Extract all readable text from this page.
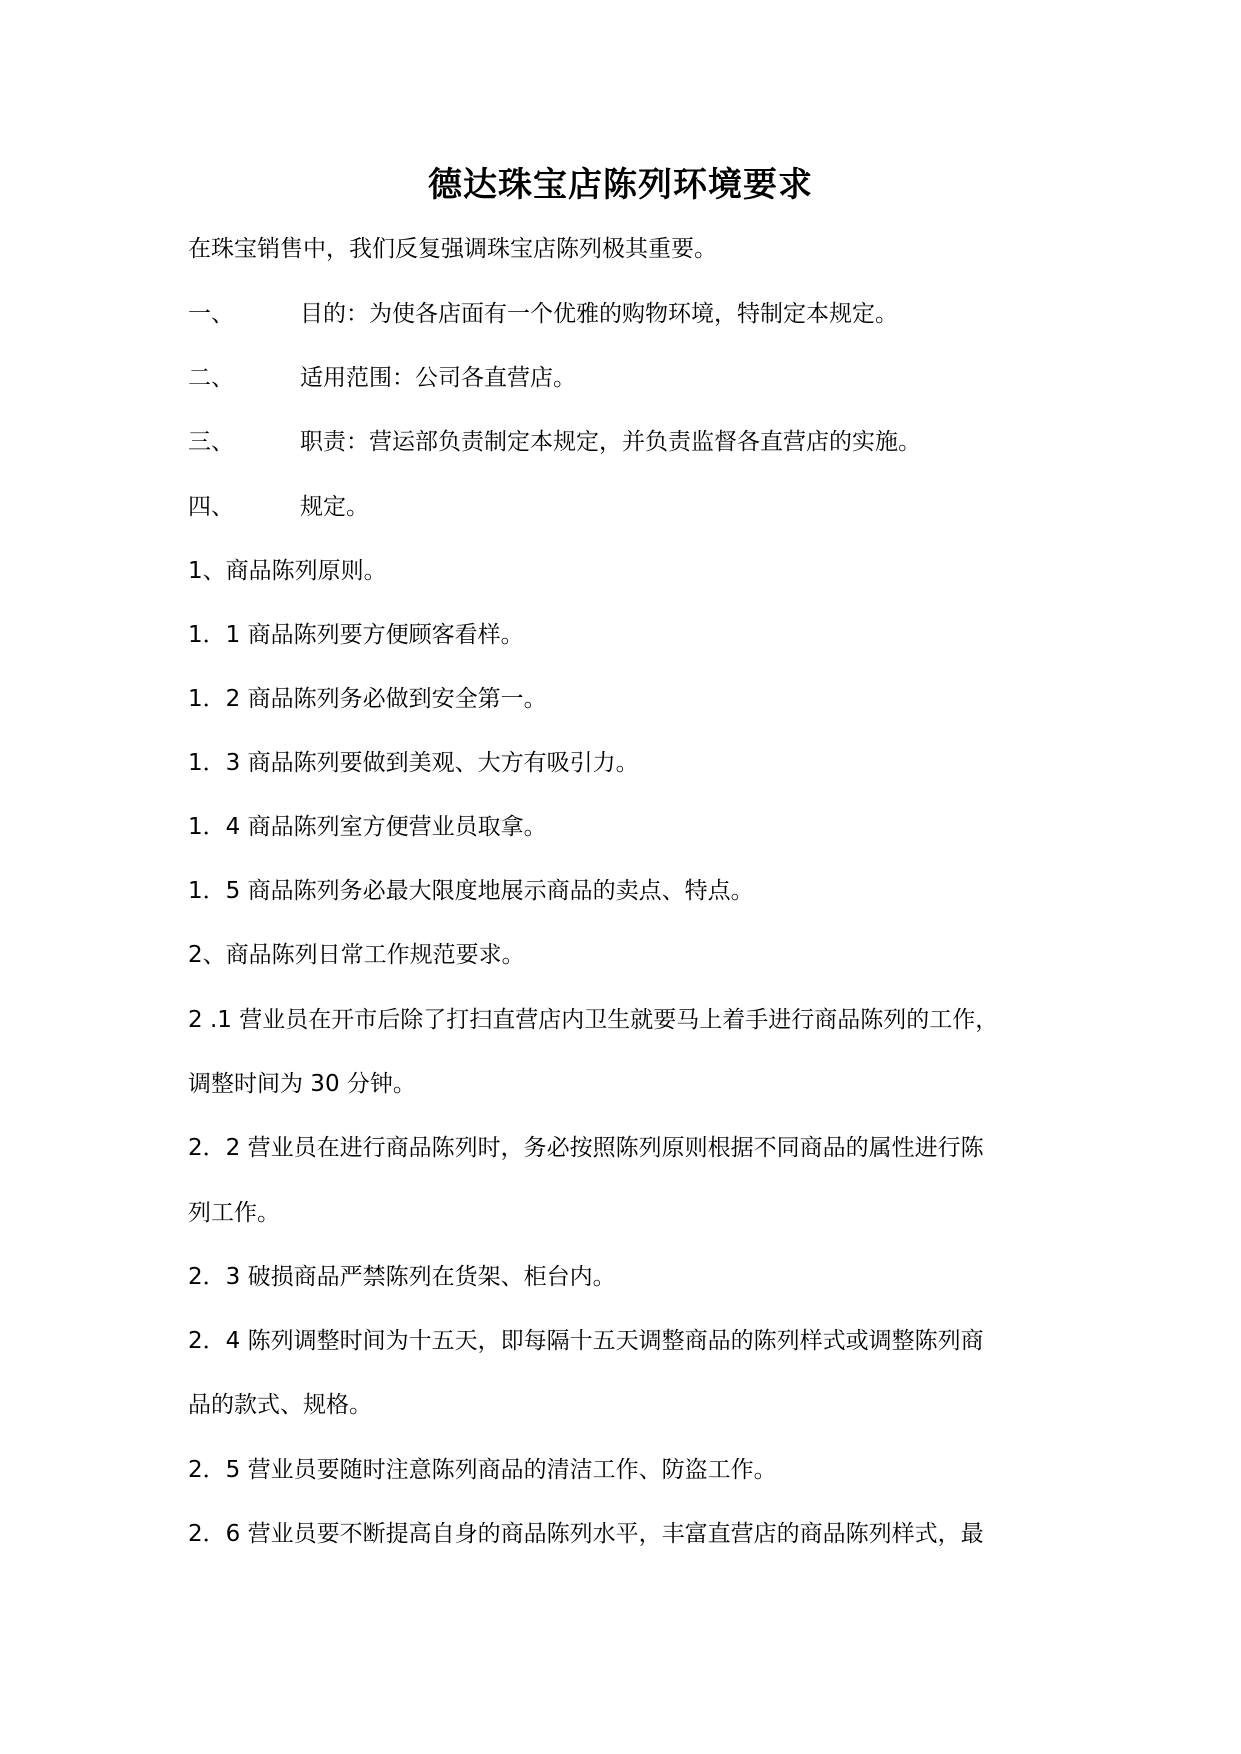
德达珠宝店陈列环境要求
在珠宝销售中，我们反复强调珠宝店陈列极其重要。
一、	目的：为使各店面有一个优雅的购物环境，特制定本规定。
二、	适用范围：公司各直营店。
三、	职责：营运部负责制定本规定，并负责监督各直营店的实施。
四、	规定。
1、商品陈列原则。
1．1 商品陈列要方便顾客看样。
1．2 商品陈列务必做到安全第一。
1．3 商品陈列要做到美观、大方有吸引力。
1．4 商品陈列室方便营业员取拿。
1．5 商品陈列务必最大限度地展示商品的卖点、特点。
2、商品陈列日常工作规范要求。
2 .1 营业员在开市后除了打扫直营店内卫生就要马上着手进行商品陈列的工作，
调整时间为 30 分钟。
2．2 营业员在进行商品陈列时，务必按照陈列原则根据不同商品的属性进行陈
列工作。
2．3 破损商品严禁陈列在货架、柜台内。
2．4 陈列调整时间为十五天，即每隔十五天调整商品的陈列样式或调整陈列商
品的款式、规格。
2．5 营业员要随时注意陈列商品的清洁工作、防盗工作。
2．6 营业员要不断提高自身的商品陈列水平，丰富直营店的商品陈列样式，最
